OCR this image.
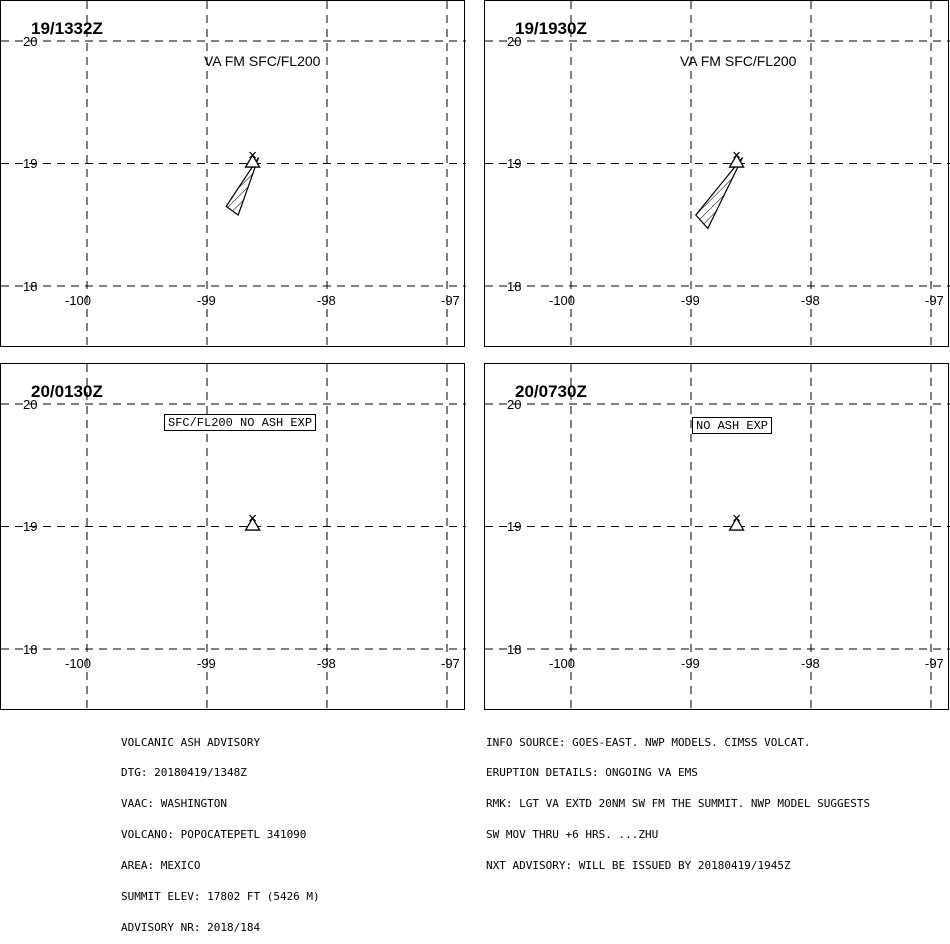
19/1332Z
20
19
18
-100	-99	-98	-97
VA FM SFC/FL200
19/1930Z
20
19
18
-100	-99	-98	-97
VA FM SFC/FL200
20/0130Z
20
19
18
-100	-99	-98	-97
SFC/FL200 NO ASH EXP
20/0730Z
20
19
18
-100	-99	-98	-97
NO ASH EXP

VOLCANIC ASH ADVISORY

DTG: 20180419/1348Z

VAAC: WASHINGTON

VOLCANO: POPOCATEPETL 341090

AREA: MEXICO

SUMMIT ELEV: 17802 FT (5426 M)

ADVISORY NR: 2018/184

INFO SOURCE: GOES-EAST. NWP MODELS. CIMSS VOLCAT.

ERUPTION DETAILS: ONGOING VA EMS

RMK: LGT VA EXTD 20NM SW FM THE SUMMIT. NWP MODEL SUGGESTS

SW MOV THRU +6 HRS. ...ZHU

NXT ADVISORY: WILL BE ISSUED BY 20180419/1945Z
